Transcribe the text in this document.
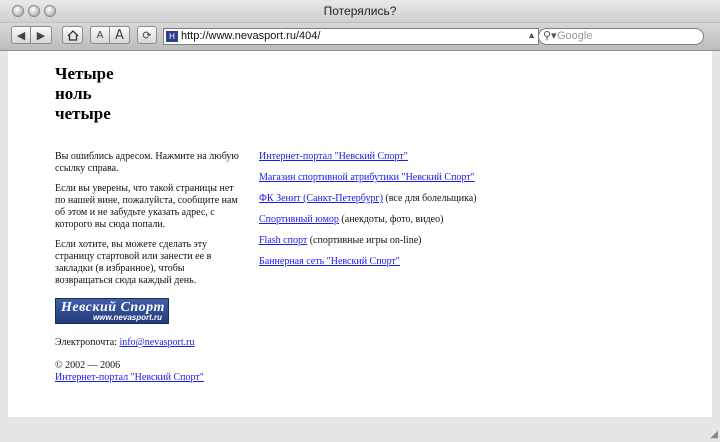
Потерялись?
◀ ▶	A A	⟳	Н http://www.nevasport.ru/404/	▲ ⚲▾ Google
Четыре
ноль
четыре

Вы ошиблись адресом. Нажмите на любую ссылку справа.

Если вы уверены, что такой страницы нет по нашей вине, пожалуйста, сообщите нам об этом и не забудьте указать адрес, с которого вы сюда попали.

Если хотите, вы можете сделать эту страницу стартовой или занести ее в закладки (в избранное), чтобы возвращаться сюда каждый день.

Невский Спорт
www.nevasport.ru
Электропочта: info@nevasport.ru
© 2002 — 2006
Интернет-портал "Невский Спорт"
Интернет-портал "Невский Спорт"
Магазин спортивной атрибутики "Невский Спорт"
ФК Зенит (Санкт-Петербург) (все для болельщика)
Спортивный юмор (анекдоты, фото, видео)
Flash спорт (спортивные игры on-line)
Баннерная сеть "Невский Спорт"
◢
